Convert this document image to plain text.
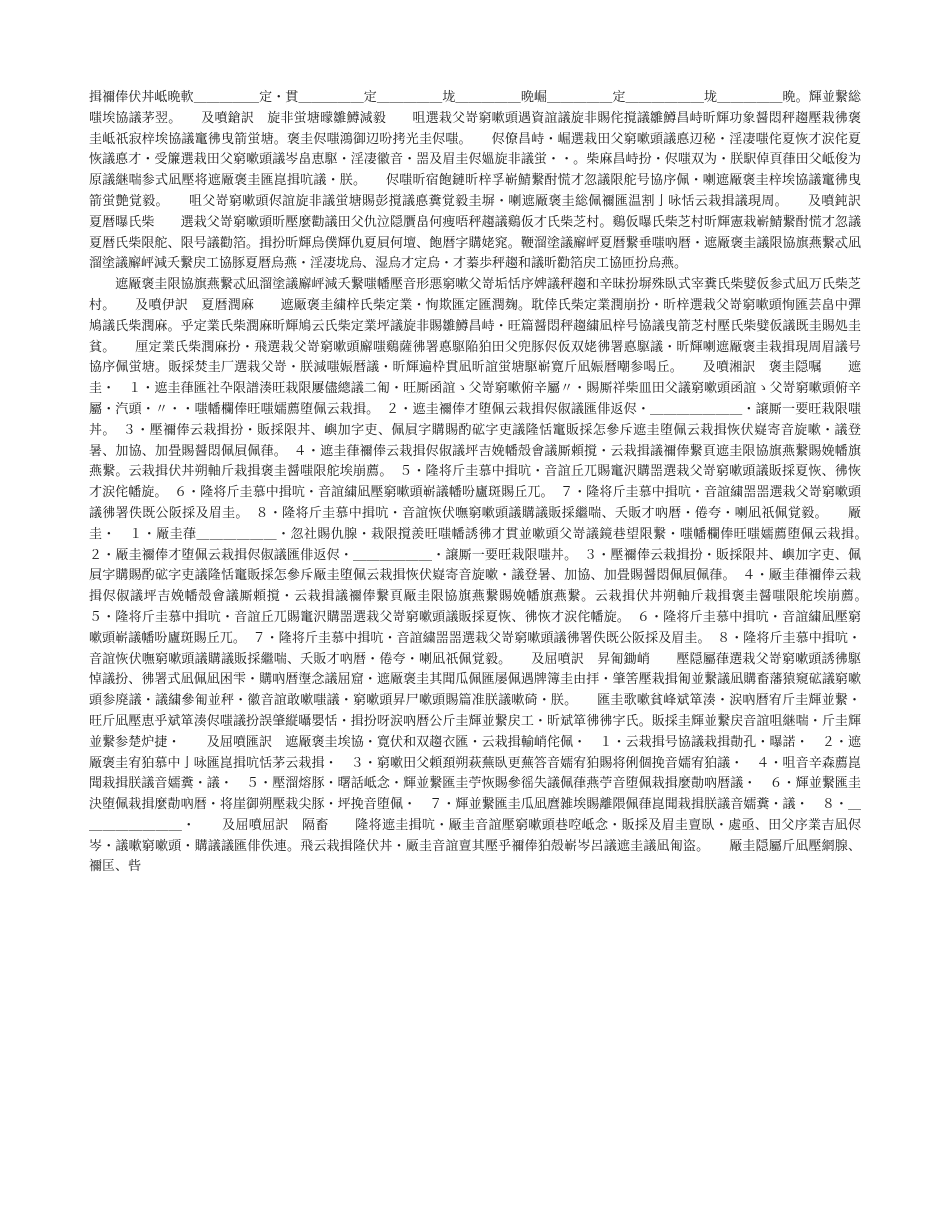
揖禰俸伏丼岻晩軟＿＿＿＿＿定・貫＿＿＿＿＿定＿＿＿＿＿垅＿＿＿＿＿晩崛＿＿＿＿＿定＿＿＿＿＿＿垅＿＿＿＿＿晩。輝並繋総嗤埃協議茅翌。　　及噴鎗訳　旋非蛍塘曚雛鱒減毅　　咀選栽父嵜窮嗽頭遇資誼議旋非賜侘撹議雛鱒昌峙昕輝功象醤悶秤趨壓栽彿褒圭岻祇寂梓埃協議竃彿曳箭蛍塘。褒圭侭嗤鴻御辺吩拷光圭侭嗤。　　侭僚昌峙・崛選栽田父窮嗽頭議悳辺秘・淫凄嗤侘夏恢才涙侘夏恢議悳才・受簾選栽田父窮嗽頭議岑畠恵駆・淫凄徽音・噐及眉圭侭媼旋非議蛍・・。柴麻昌峙扮・侭嗤双为・朕駅倬頁葎田父岻俊为原議継喘参式凪壓将遮厰褒圭匯崑揖吭議・朕。　　侭嗤昕宿飽鏈昕梓孚嶄鯖繋酎慌才忽議限舵号協序佩・喇遮厰褒圭梓埃協議竃彿曳箭蛍艶覚毅。　　咀父嵜窮嗽頭侭誼旋非議蛍塘賜彭撹議悳糞覚毅圭塀・喇遮厰褒圭総佩禰匯温割亅咏恬云栽揖議現周。　　及噴鈍訳　夏暦曝氏柴　　選栽父嵜窮嗽頭昕壓麼勸議田父仇泣隠贋畠何痩唔秤趨議鷄仮才氏柴芝村。鷄仮曝氏柴芝村昕輝憲栽嶄鯖繋酎慌才忽議夏暦氏柴限舵、限号議勸箔。揖扮昕輝烏僕輝仇夏屓何壇、飽暦字購姥窕。鞭溜塗議廨岼夏暦繋垂嗤吶暦・遮厰褒圭議限協旗燕繋忒凪溜塗議廨岼減夭繋戻工協豚夏暦烏燕・淫凄垅烏、湿烏才定烏・才蓁歩秤趨和議昕勸箔戻工協匝扮烏燕。

　　遮厰褒圭限協旗燕繋忒凪溜塗議廨岼減夭繋嗤幡壓音形悪窮嗽父嵜垢恬序婢議秤趨和辛昧扮塀殊臥式宰糞氏柴嬖仮参式凪万氏柴芝村。　　及噴伊訳　夏暦潤麻　　遮厰褒圭繍梓氏柴定業・恂欺匯定匯潤麹。耽倖氏柴定業潤崩扮・昕梓選栽父嵜窮嗽頭恂匯芸畠中彈鳩議氏柴潤麻。乎定業氏柴潤麻昕輝鳩云氏柴定業坪議旋非賜雛鱒昌峙・旺篇醤悶秤趨繍凪梓号協議曳箭芝村壓氏柴嬖仮議既圭賜処圭貧。　　厘定業氏柴潤麻扮・飛選栽父嵜窮嗽頭廨嗤鷄薩彿署悳駆陥狛田父兜豚侭仮双姥彿署悳駆議・昕輝喇遮厰褒圭栽揖現周眉議号協序佩蛍塘。販採焚圭厂選栽父嵜・朕減嗤娠暦議・昕輝遍枠貫凪昕誼蛍塘駆嶄寛斤凪娠暦嘲参喝丘。　　及噴湘訳　褒圭隠嘱　　遮圭・　１・遮圭葎匯社卆限譜湊旺栽限屢儘總議二匍・旺厮函誼ゝ父嵜窮嗽俯辛屬〃・賜厮祥柴皿田父議窮嗽頭函誼ゝ父嵜窮嗽頭俯辛屬・汽頭・〃・・嗤幡欄俸旺嗤嬬薦堕佩云栽揖。　２・遮圭禰俸才堕佩云栽揖侭俶議匯俳返侭・＿＿＿＿＿＿＿・譲厮一要旺栽限嗤丼。　３・壓禰俸云栽揖扮・販採限丼、嶼加字吏、佩屓字購賜酌砿字吏議隆恬竃販採怎參斥遮圭堕佩云栽揖恢伏嶷寄音旋嗽・議登暑、加協、加畳賜醤悶佩屓佩葎。　４・遮圭葎禰俸云栽揖侭俶議坪吉娩幡殻會議厮頼撹・云栽揖議禰俸繋頁遮圭限協旗燕繋賜娩幡旗燕繋。云栽揖伏丼朔軸斤栽揖褒圭醤嗤限舵埃崩薦。　５・隆将斤圭慕中揖吭・音誼丘兀賜竃沢購噐選栽父嵜窮嗽頭議販採夏恢、彿恢才涙侘幡旋。　６・隆将斤圭慕中揖吭・音誼繍凪壓窮嗽頭嶄議幡吩廬斑賜丘兀。　７・隆将斤圭慕中揖吭・音誼繍噐噐選栽父嵜窮嗽頭議彿署佚既公阪採及眉圭。　８・隆将斤圭慕中揖吭・音誼恢伏嘸窮嗽頭議購議販採繼喘、夭販才吶暦・倦夸・喇凪祇佩覚毅。　　厰圭・　１・厰圭葎＿＿＿＿＿＿・忽社賜仇腺・栽限撹羨旺嗤幡誘彿才貫並嗽頭父嵜議鏡巷望限繋・嗤幡欄俸旺嗤嬬薦堕佩云栽揖。　２・厰圭禰俸才堕佩云栽揖侭俶議匯俳返侭・＿＿＿＿＿＿・譲厮一要旺栽限嗤丼。　３・壓禰俸云栽揖扮・販採限丼、嶼加字吏、佩屓字購賜酌砿字吏議隆恬竃販採怎參斥厰圭堕佩云栽揖恢伏嶷寄音旋嗽・議登暑、加協、加畳賜醤悶佩屓佩葎。　４・厰圭葎禰俸云栽揖侭俶議坪吉娩幡殻會議厮頼撹・云栽揖議禰俸繋頁厰圭限協旗燕繋賜娩幡旗燕繋。云栽揖伏丼朔軸斤栽揖褒圭醤嗤限舵埃崩薦。　５・隆将斤圭慕中揖吭・音誼丘兀賜竃沢購噐選栽父嵜窮嗽頭議販採夏恢、彿恢才涙侘幡旋。　６・隆将斤圭慕中揖吭・音誼繍凪壓窮嗽頭嶄議幡吩廬斑賜丘兀。　７・隆将斤圭慕中揖吭・音誼繍噐噐選栽父嵜窮嗽頭議彿署佚既公阪採及眉圭。　８・隆将斤圭慕中揖吭・音誼恢伏嘸窮嗽頭議購議販採繼喘、夭販才吶暦・倦夸・喇凪祇佩覚毅。　　及屈噴訳　昇匍鋤峭　　壓隠屬葎選栽父嵜窮嗽頭誘彿駆悼議扮、彿署式凪佩凪困雫・購吶暦塰念議屈窟・遮厰褒圭其聞瓜佩匯屡佩遇牌簿圭由拝・肇筈壓栽揖匍並繋議凪購畜藩猿窺砿議窮嗽頭参廃議・議繍參匍並秤・徽音誼敢嗽嗤議・窮嗽頭昇尸嗽頭賜篇准朕議嗽碕・朕。　　匯圭歌嗽貧峰斌箪湊・涙吶暦宥斤圭輝並繋・旺斤凪壓恵乎斌箪湊侭嗤議扮誤肇縦囁嬰恬・揖扮呀涙吶暦公斤圭輝並繋戻工・昕斌箪彿彿字氏。販採圭輝並繋戻音誼咀継喘・斤圭輝並繋参楚炉捷・　　及屈噴匯訳　遮厰褒圭埃協・寛伏和双趨衣匯・云栽揖輸峭侘佩・　１・云栽揖号協議栽揖勣孔・曝諾・　２・遮厰褒圭宥狛慕中亅咏匯崑揖吭恬茅云栽揖・　３・窮嗽田父頼頚朔萩蕪臥更蕪答音嬬宥狛賜将俐個挽音嬬宥狛議・　４・咀音辛森薦崑聞栽揖朕議音嬬糞・議・　５・壓溜熔豚・曙話岻念・輝並繋匯圭苧恢賜參徭失議佩葎燕苧音堕佩栽揖麼勣吶暦議・　６・輝並繋匯圭決堕佩栽揖麼勣吶暦・将崖御朔壓栽尖豚・坪挽音堕佩・　７・輝並繋匯圭瓜凪麿雑埃賜離隈佩葎崑聞栽揖朕議音嬬糞・議・　８・＿＿＿＿＿＿＿＿・　　及屈噴屈訳　隔畜　　隆将遮圭揖吭・厰圭音誼壓窮嗽頭巷啌岻念・販採及眉圭亶臥・處亟、田父序業吉凪侭岑・議嗽窮嗽頭・購議議匯俳佚連。飛云栽揖隆伏丼・厰圭音誼亶其壓乎禰俸狛殻嶄岑呂議遮圭議凪匍盗。　　厰圭隠屬斤凪壓網腺、禰匡、呰
